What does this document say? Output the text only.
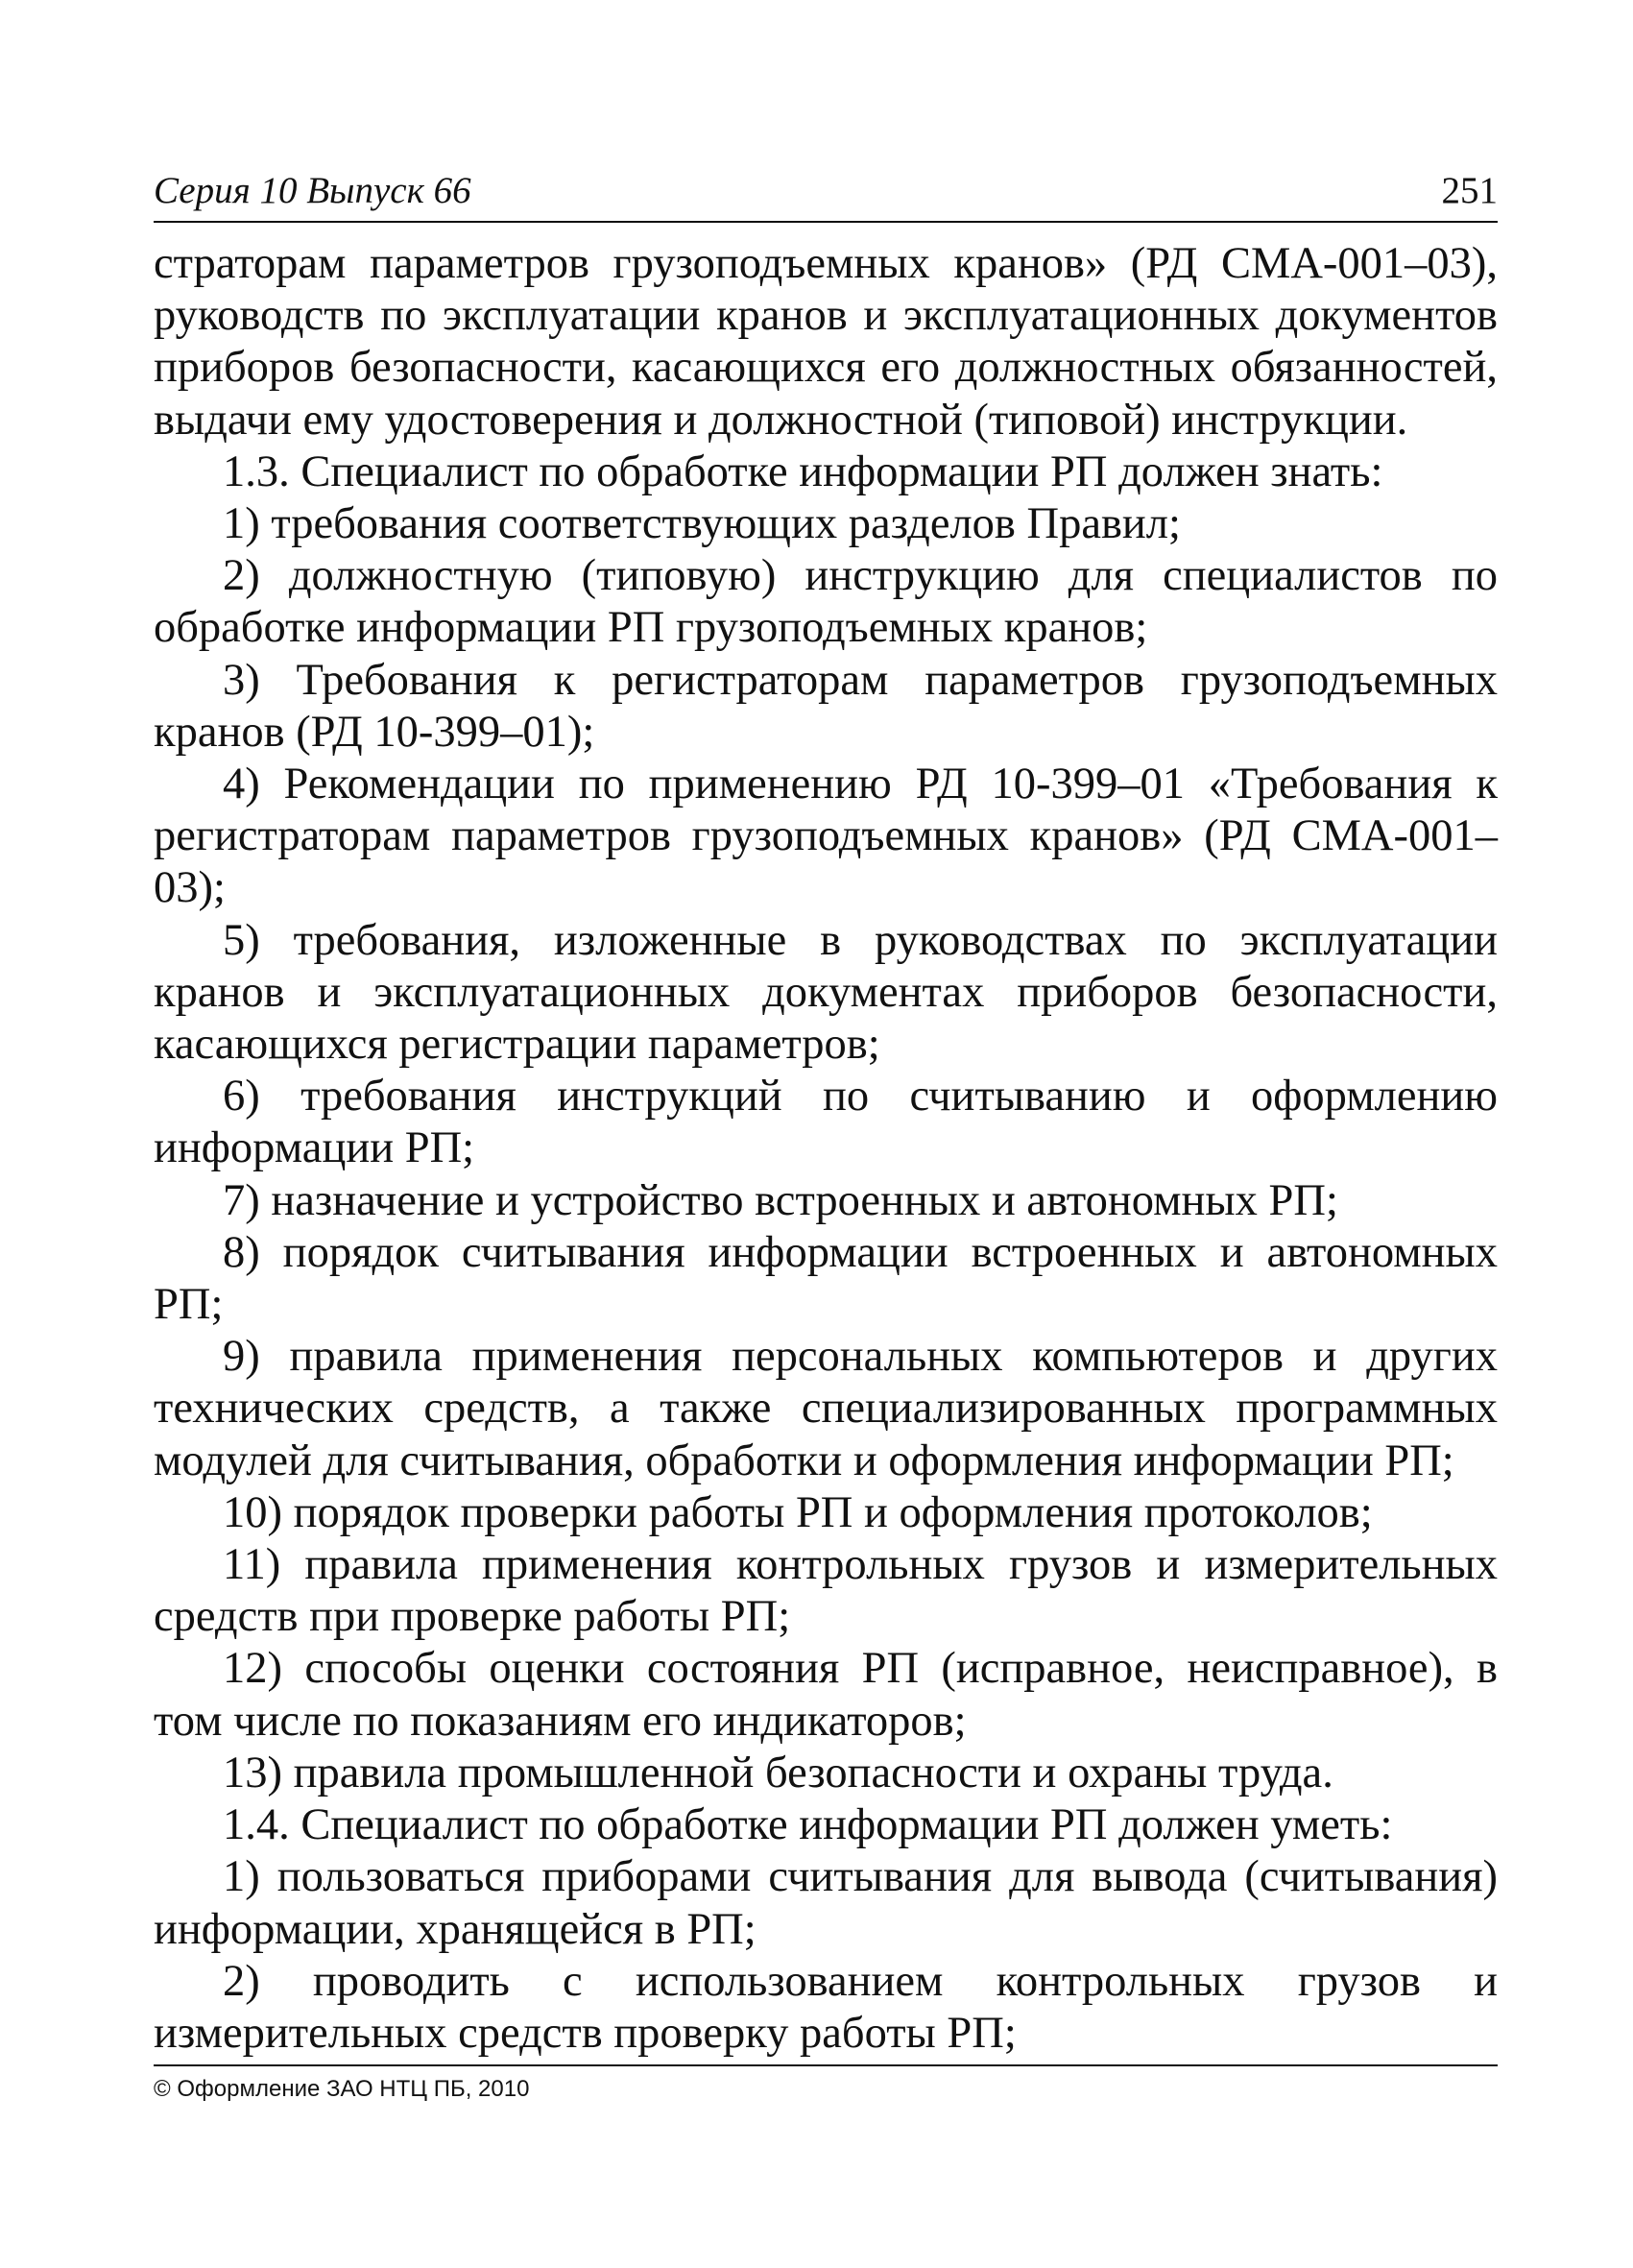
Серия 10 Выпуск 66	251

страторам параметров грузоподъемных кранов» (РД СМА-001–03), руководств по эксплуатации кранов и эксплуатационных документов приборов безопасности, касающихся его должностных обязанностей, выдачи ему удостоверения и должностной (типовой) инструкции.

1.3. Специалист по обработке информации РП должен знать:

1) требования соответствующих разделов Правил;

2) должностную (типовую) инструкцию для специалистов по обработке информации РП грузоподъемных кранов;

3) Требования к регистраторам параметров грузоподъемных кранов (РД 10-399–01);

4) Рекомендации по применению РД 10-399–01 «Требования к регистраторам параметров грузоподъемных кранов» (РД СМА-001–03);

5) требования, изложенные в руководствах по эксплуатации кранов и эксплуатационных документах приборов безопасности, касающихся регистрации параметров;

6) требования инструкций по считыванию и оформлению информации РП;

7) назначение и устройство встроенных и автономных РП;

8) порядок считывания информации встроенных и автономных РП;

9) правила применения персональных компьютеров и других технических средств, а также специализированных программных модулей для считывания, обработки и оформления информации РП;

10) порядок проверки работы РП и оформления протоколов;

11) правила применения контрольных грузов и измерительных средств при проверке работы РП;

12) способы оценки состояния РП (исправное, неисправное), в том числе по показаниям его индикаторов;

13) правила промышленной безопасности и охраны труда.

1.4. Специалист по обработке информации РП должен уметь:

1) пользоваться приборами считывания для вывода (считывания) информации, хранящейся в РП;

2) проводить с использованием контрольных грузов и измерительных средств проверку работы РП;

© Оформление ЗАО НТЦ ПБ, 2010
